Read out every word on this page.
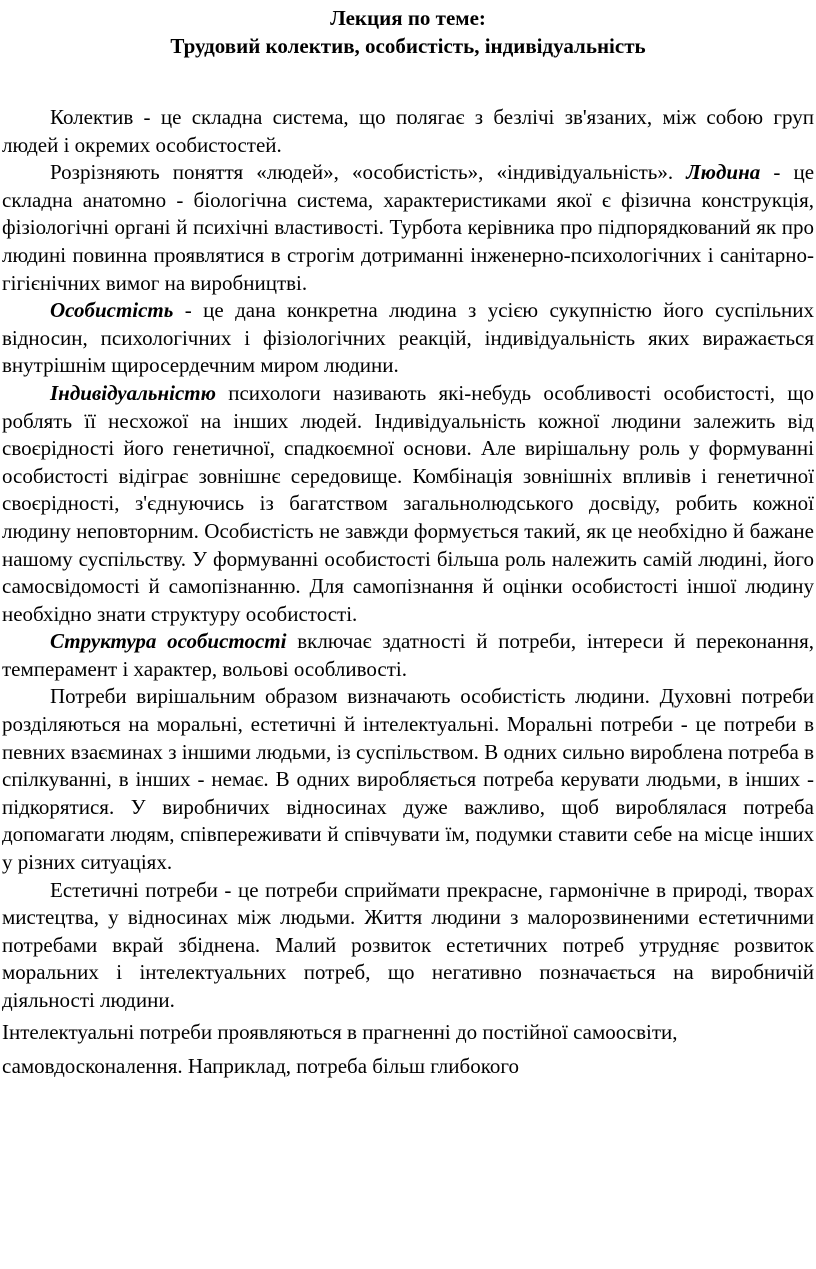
Лекция по теме:
Трудовий колектив, особистість, індивідуальність

Колектив - це складна система, що полягає з безлічі зв'язаних, між собою груп людей і окремих особистостей.

Розрізняють поняття «людей», «особистість», «індивідуальність». Людина - це складна анатомно - біологічна система, характеристиками якої є фізична конструкція, фізіологічні органі й психічні властивості. Турбота керівника про підпорядкований як про людині повинна проявлятися в строгім дотриманні інженерно-психологічних і санітарно-гігієнічних вимог на виробництві.

Особистість - це дана конкретна людина з усією сукупністю його суспільних відносин, психологічних і фізіологічних реакцій, індивідуальність яких виражається внутрішнім щиросердечним миром людини.

Індивідуальністю психологи називають які-небудь особливості особистості, що роблять її несхожої на інших людей. Індивідуальність кожної людини залежить від своєрідності його генетичної, спадкоємної основи. Але вирішальну роль у формуванні особистості відіграє зовнішнє середовище. Комбінація зовнішніх впливів і генетичної своєрідності, з'єднуючись із багатством загальнолюдського досвіду, робить кожної людину неповторним. Особистість не завжди формується такий, як це необхідно й бажане нашому суспільству. У формуванні особистості більша роль належить самій людині, його самосвідомості й самопізнанню. Для самопізнання й оцінки особистості іншої людину необхідно знати структуру особистості.

Структура особистості включає здатності й потреби, інтереси й переконання, темперамент і характер, вольові особливості.

Потреби вирішальним образом визначають особистість людини. Духовні потреби розділяються на моральні, естетичні й інтелектуальні. Моральні потреби - це потреби в певних взаєминах з іншими людьми, із суспільством. В одних сильно вироблена потреба в спілкуванні, в інших - немає. В одних виробляється потреба керувати людьми, в інших - підкорятися. У виробничих відносинах дуже важливо, щоб вироблялася потреба допомагати людям, співпереживати й співчувати їм, подумки ставити себе на місце інших у різних ситуаціях.

Естетичні потреби - це потреби сприймати прекрасне, гармонічне в природі, творах мистецтва, у відносинах між людьми. Життя людини з малорозвиненими естетичними потребами вкрай збіднена. Малий розвиток естетичних потреб утрудняє розвиток моральних і інтелектуальних потреб, що негативно позначається на виробничій діяльності людини.

Інтелектуальні потреби проявляються в прагненні до постійної самоосвіти,
самовдосконалення. Наприклад, потреба більш глибокого
